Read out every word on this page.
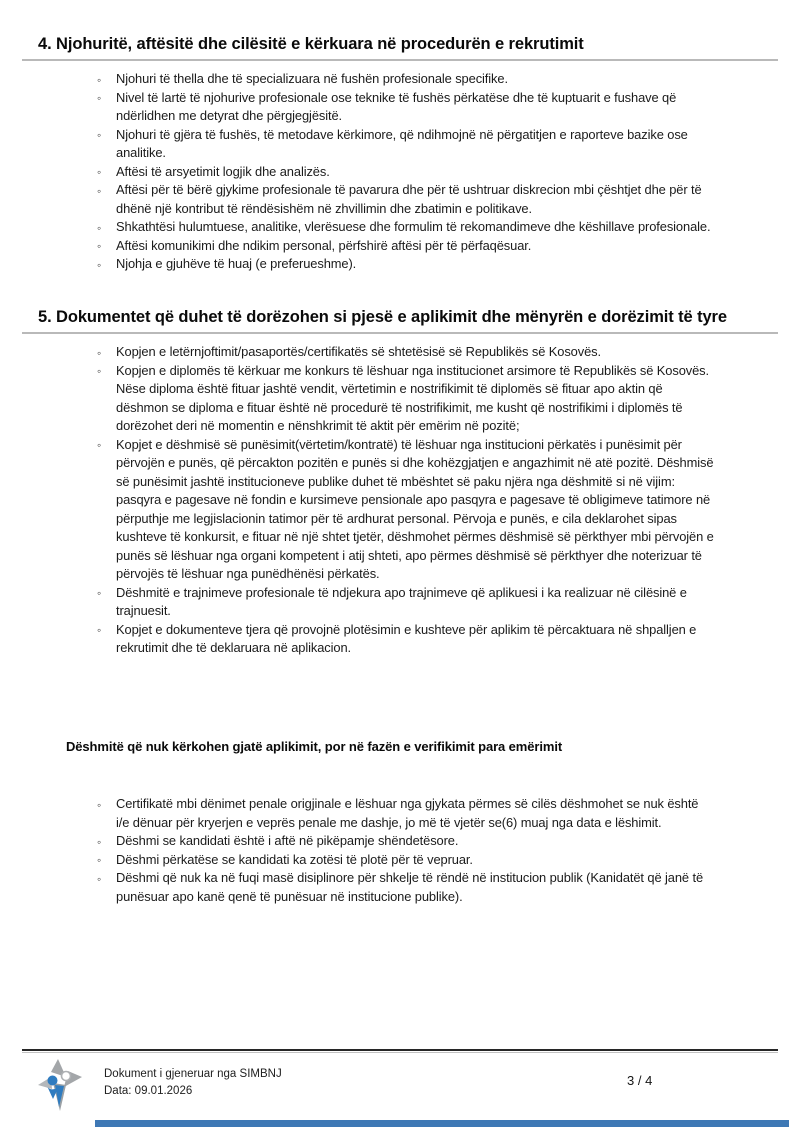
4. Njohuritë, aftësitë dhe cilësitë e kërkuara në procedurën e rekrutimit
◦ Njohuri të thella dhe të specializuara në fushën profesionale specifike.
◦ Nivel të lartë të njohurive profesionale ose teknike të fushës përkatëse dhe të kuptuarit e fushave që ndërlidhen me detyrat dhe përgjegjësitë.
◦ Njohuri të gjëra të fushës, të metodave kërkimore, që ndihmojnë në përgatitjen e raporteve bazike ose analitike.
◦ Aftësi të arsyetimit logjik dhe analizës.
◦ Aftësi për të bërë gjykime profesionale të pavarura dhe për të ushtruar diskrecion mbi çështjet dhe për të dhënë një kontribut të rëndësishëm në zhvillimin dhe zbatimin e politikave.
◦ Shkathtësi hulumtuese, analitike, vlerësuese dhe formulim të rekomandimeve dhe këshillave profesionale.
◦ Aftësi komunikimi dhe ndikim personal, përfshirë aftësi për të përfaqësuar.
◦ Njohja e gjuhëve të huaj (e preferueshme).
5. Dokumentet që duhet të dorëzohen si pjesë e aplikimit dhe mënyrën e dorëzimit të tyre
◦ Kopjen e letërnjoftimit/pasaportës/certifikatës së shtetësisë së Republikës së Kosovës.
◦ Kopjen e diplomës të kërkuar me konkurs të lëshuar nga institucionet arsimore të Republikës së Kosovës. Nëse diploma është fituar jashtë vendit, vërtetimin e nostrifikimit të diplomës së fituar apo aktin që dëshmon se diploma e fituar është në procedurë të nostrifikimit, me kusht që nostrifikimi i diplomës të dorëzohet deri në momentin e nënshkrimit të aktit për emërim në pozitë;
◦ Kopjet e dëshmisë së punësimit(vërtetim/kontratë) të lëshuar nga institucioni përkatës i punësimit për përvojën e punës, që përcakton pozitën e punës si dhe kohëzgjatjen e angazhimit në atë pozitë. Dëshmisë së punësimit jashtë institucioneve publike duhet të mbështet së paku njëra nga dëshmitë si në vijim: pasqyra e pagesave në fondin e kursimeve pensionale apo pasqyra e pagesave të obligimeve tatimore në përputhje me legjislacionin tatimor për të ardhurat personal. Përvoja e punës, e cila deklarohet sipas kushteve të konkursit, e fituar në një shtet tjetër, dëshmohet përmes dëshmisë së përkthyer mbi përvojën e punës së lëshuar nga organi kompetent i atij shteti, apo përmes dëshmisë së përkthyer dhe noterizuar të përvojës të lëshuar nga punëdhënësi përkatës.
◦ Dëshmitë e trajnimeve profesionale të ndjekura apo trajnimeve që aplikuesi i ka realizuar në cilësinë e trajnuesit.
◦ Kopjet e dokumenteve tjera që provojnë plotësimin e kushteve për aplikim të përcaktuara në shpalljen e rekrutimit dhe të deklaruara në aplikacion.
Dëshmitë që nuk kërkohen gjatë aplikimit, por në fazën e verifikimit para emërimit
◦ Certifikatë mbi dënimet penale origjinale e lëshuar nga gjykata përmes së cilës dëshmohet se nuk është i/e dënuar për kryerjen e veprës penale me dashje, jo më të vjetër se(6) muaj nga data e lëshimit.
◦ Dëshmi se kandidati është i aftë në pikëpamje shëndetësore.
◦ Dëshmi përkatëse se kandidati ka zotësi të plotë për të vepruar.
◦ Dëshmi që nuk ka në fuqi masë disiplinore për shkelje të rëndë në institucion publik (Kanidatët që janë të punësuar apo kanë qenë të punësuar në institucione publike).
Dokument i gjeneruar nga SIMBNJ
Data: 09.01.2026
3 / 4
